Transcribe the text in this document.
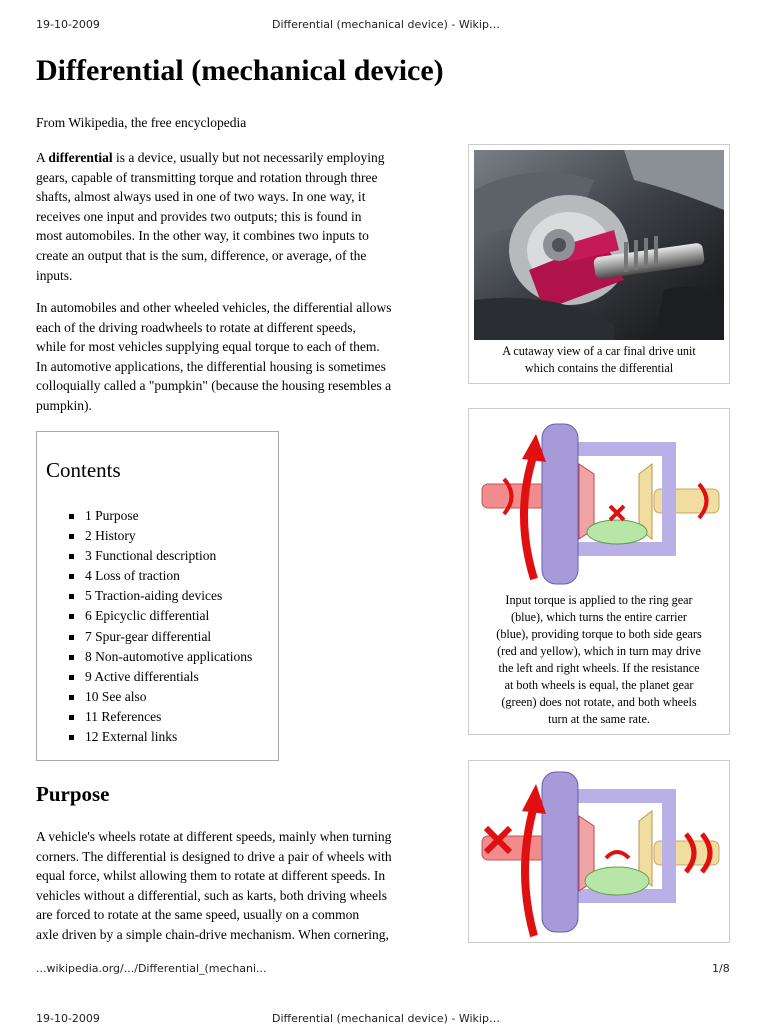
19-10-2009	Differential (mechanical device) - Wikip…
Differential (mechanical device)
From Wikipedia, the free encyclopedia
A differential is a device, usually but not necessarily employing
gears, capable of transmitting torque and rotation through three
shafts, almost always used in one of two ways. In one way, it
receives one input and provides two outputs; this is found in
most automobiles. In the other way, it combines two inputs to
create an output that is the sum, difference, or average, of the
inputs.
In automobiles and other wheeled vehicles, the differential allows
each of the driving roadwheels to rotate at different speeds,
while for most vehicles supplying equal torque to each of them.
In automotive applications, the differential housing is sometimes
colloquially called a "pumpkin" (because the housing resembles a
pumpkin).
Contents
1 Purpose
2 History
3 Functional description
4 Loss of traction
5 Traction-aiding devices
6 Epicyclic differential
7 Spur-gear differential
8 Non-automotive applications
9 Active differentials
10 See also
11 References
12 External links
Purpose
A vehicle's wheels rotate at different speeds, mainly when turning
corners. The differential is designed to drive a pair of wheels with
equal force, whilst allowing them to rotate at different speeds. In
vehicles without a differential, such as karts, both driving wheels
are forced to rotate at the same speed, usually on a common
axle driven by a simple chain-drive mechanism. When cornering,
A cutaway view of a car final drive unit
which contains the differential
Input torque is applied to the ring gear
(blue), which turns the entire carrier
(blue), providing torque to both side gears
(red and yellow), which in turn may drive
the left and right wheels. If the resistance
at both wheels is equal, the planet gear
(green) does not rotate, and both wheels
turn at the same rate.
...wikipedia.org/.../Differential_(mechani...	1/8
19-10-2009	Differential (mechanical device) - Wikip…
